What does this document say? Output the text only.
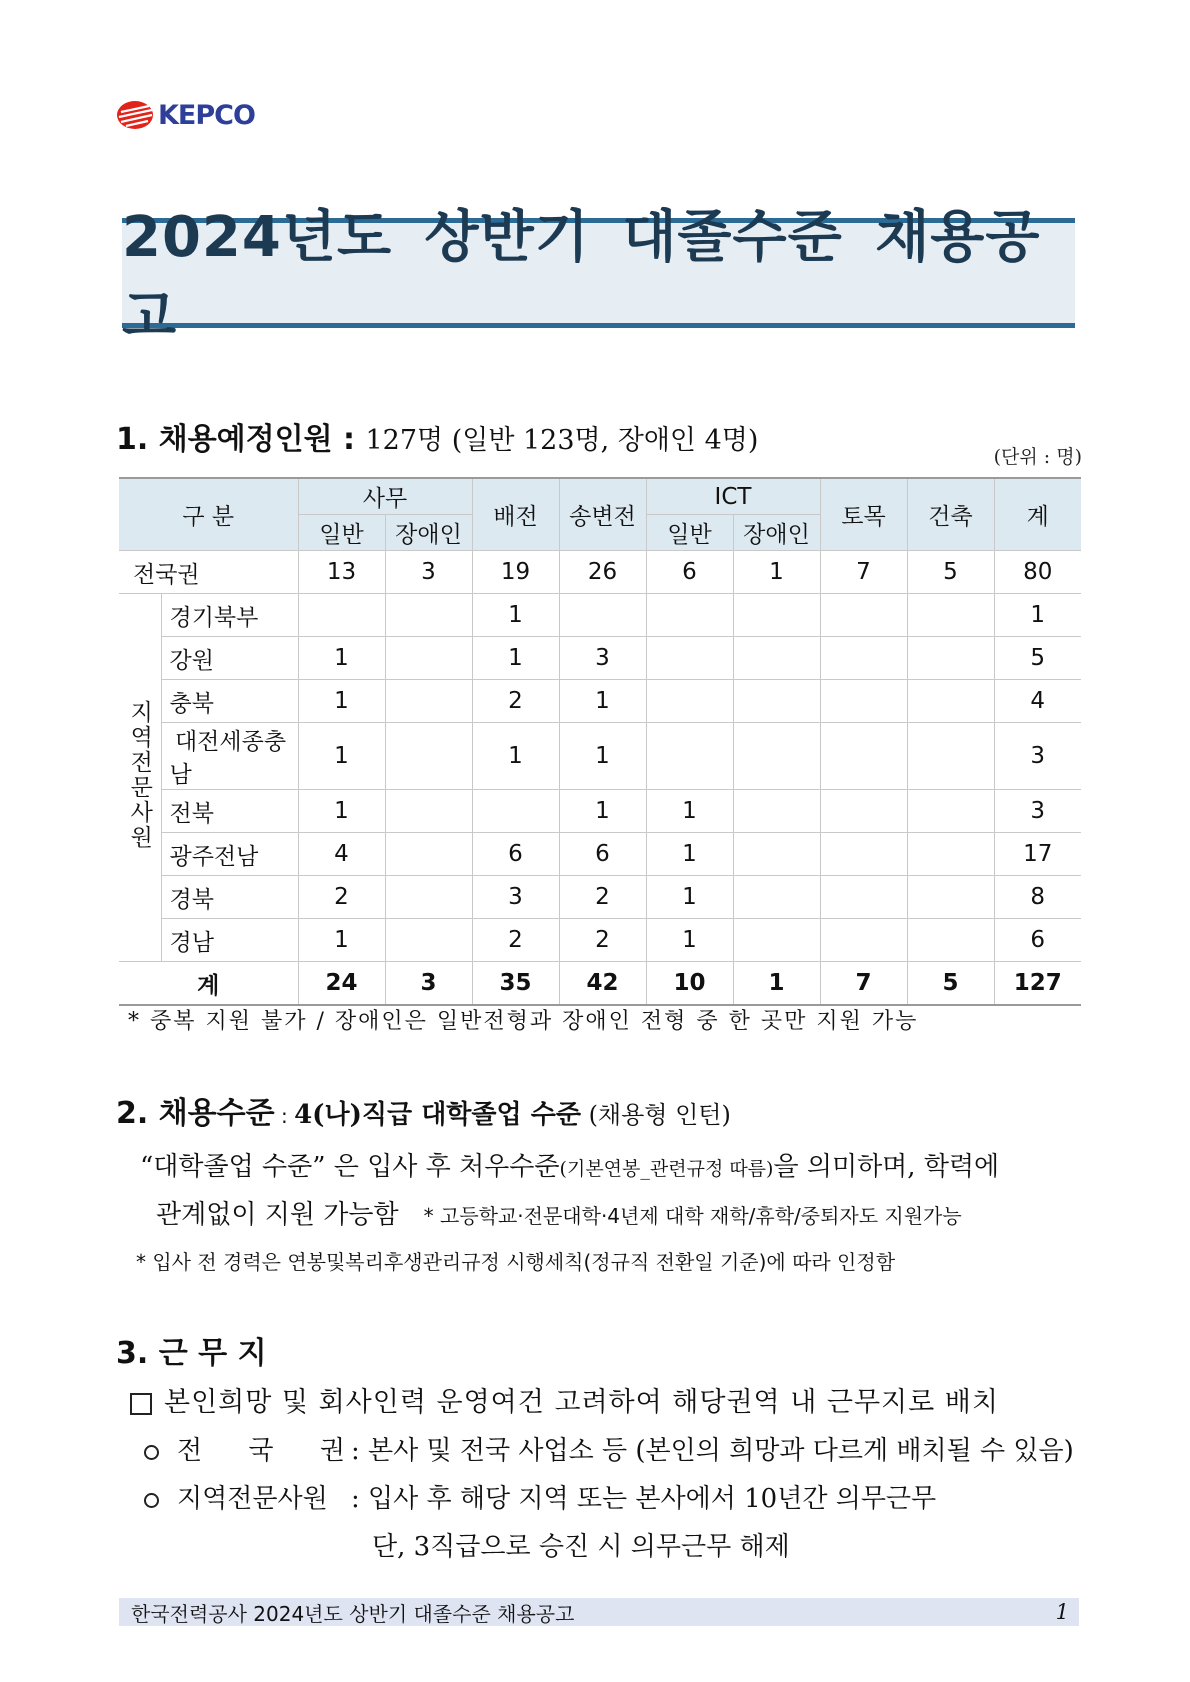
KEPCO
2024년도 상반기 대졸수준 채용공고
1. 채용예정인원 : 127명 (일반 123명, 장애인 4명)
(단위 : 명)
구 분		사무		배전	송변전	ICT		토목	건축	계
		일반	장애인			일반	장애인			
전국권		13	3	19	26	6	1	7	5	80
지역전문사원	경기북부			1						1
	강원	1		1	3					5
	충북	1		2	1					4
	대전세종충남	1		1	1					3
	전북	1			1	1				3
	광주전남	4		6	6	1				17
	경북	2		3	2	1				8
	경남	1		2	2	1				6
계		24	3	35	42	10	1	7	5	127
* 중복 지원 불가 / 장애인은 일반전형과 장애인 전형 중 한 곳만 지원 가능
2. 채용수준 : 4(나)직급 대학졸업 수준 (채용형 인턴)
“대학졸업 수준” 은 입사 후 처우수준(기본연봉_관련규정 따름)을 의미하며, 학력에
관계없이 지원 가능함 * 고등학교·전문대학·4년제 대학 재학/휴학/중퇴자도 지원가능
* 입사 전 경력은 연봉및복리후생관리규정 시행세칙(정규직 전환일 기준)에 따라 인정함
3. 근 무 지
본인희망 및 회사인력 운영여건 고려하여 해당권역 내 근무지로 배치
전 국 권 : 본사 및 전국 사업소 등 (본인의 희망과 다르게 배치될 수 있음)
지역전문사원 : 입사 후 해당 지역 또는 본사에서 10년간 의무근무
단, 3직급으로 승진 시 의무근무 해제
한국전력공사 2024년도 상반기 대졸수준 채용공고	1
